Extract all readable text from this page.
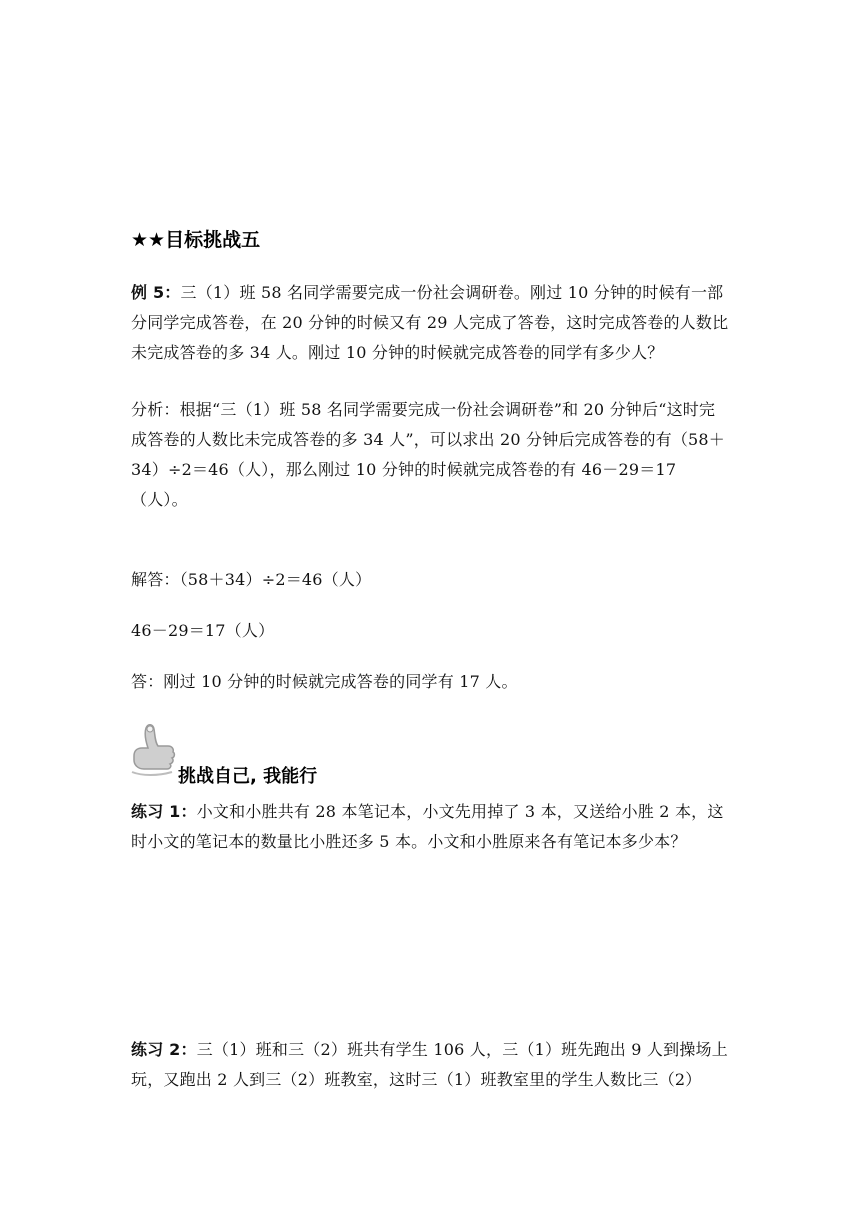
★★目标挑战五
例 5：三（1）班 58 名同学需要完成一份社会调研卷。刚过 10 分钟的时候有一部分同学完成答卷，在 20 分钟的时候又有 29 人完成了答卷，这时完成答卷的人数比未完成答卷的多 34 人。刚过 10 分钟的时候就完成答卷的同学有多少人？
分析：根据“三（1）班 58 名同学需要完成一份社会调研卷”和 20 分钟后“这时完成答卷的人数比未完成答卷的多 34 人”，可以求出 20 分钟后完成答卷的有（58＋34）÷2＝46（人），那么刚过 10 分钟的时候就完成答卷的有 46－29＝17（人）。
解答：（58＋34）÷2＝46（人）
46－29＝17（人）
答：刚过 10 分钟的时候就完成答卷的同学有 17 人。
挑战自己, 我能行
练习 1：小文和小胜共有 28 本笔记本，小文先用掉了 3 本，又送给小胜 2 本，这时小文的笔记本的数量比小胜还多 5 本。小文和小胜原来各有笔记本多少本？
练习 2：三（1）班和三（2）班共有学生 106 人，三（1）班先跑出 9 人到操场上玩，又跑出 2 人到三（2）班教室，这时三（1）班教室里的学生人数比三（2）
